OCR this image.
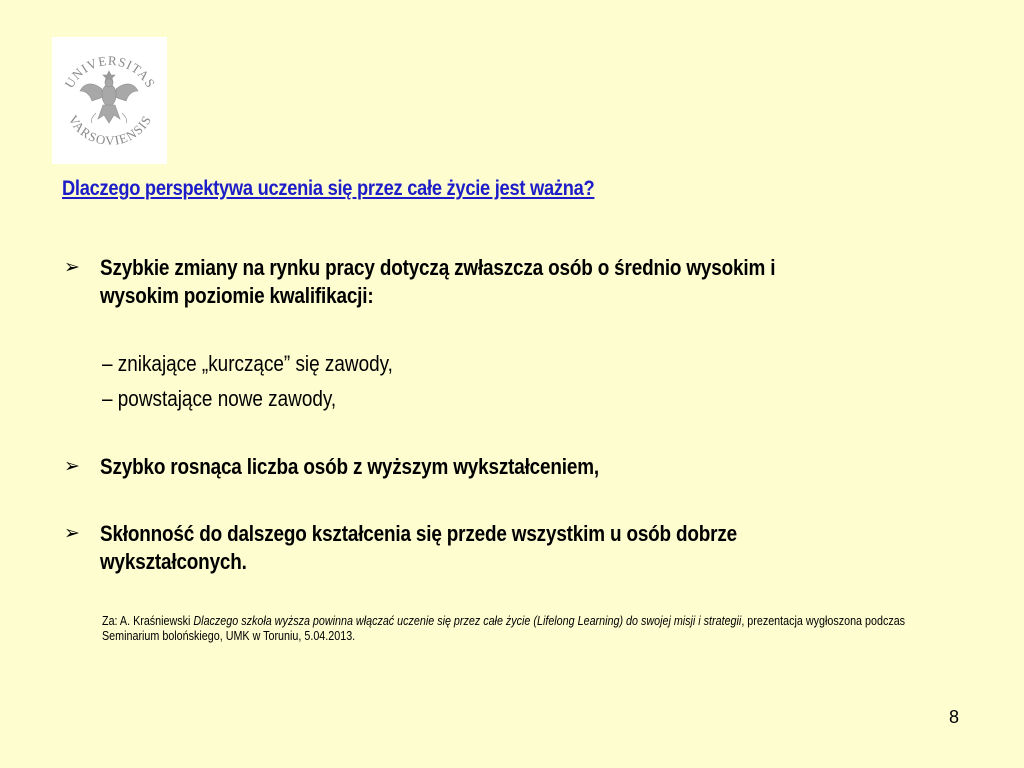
UNIVERSITAS
VARSOVIENSIS
Dlaczego perspektywa uczenia się przez całe życie jest ważna?
➢ Szybkie zmiany na rynku pracy dotyczą zwłaszcza osób o średnio wysokim i wysokim poziomie kwalifikacji:
– znikające „kurczące” się zawody,
– powstające nowe zawody,
➢ Szybko rosnąca liczba osób z wyższym wykształceniem,
➢ Skłonność do dalszego kształcenia się przede wszystkim u osób dobrze wykształconych.
Za: A. Kraśniewski Dlaczego szkoła wyższa powinna włączać uczenie się przez całe życie (Lifelong Learning) do swojej misji i strategii, prezentacja wygłoszona podczas Seminarium bolońskiego, UMK w Toruniu, 5.04.2013.
8
